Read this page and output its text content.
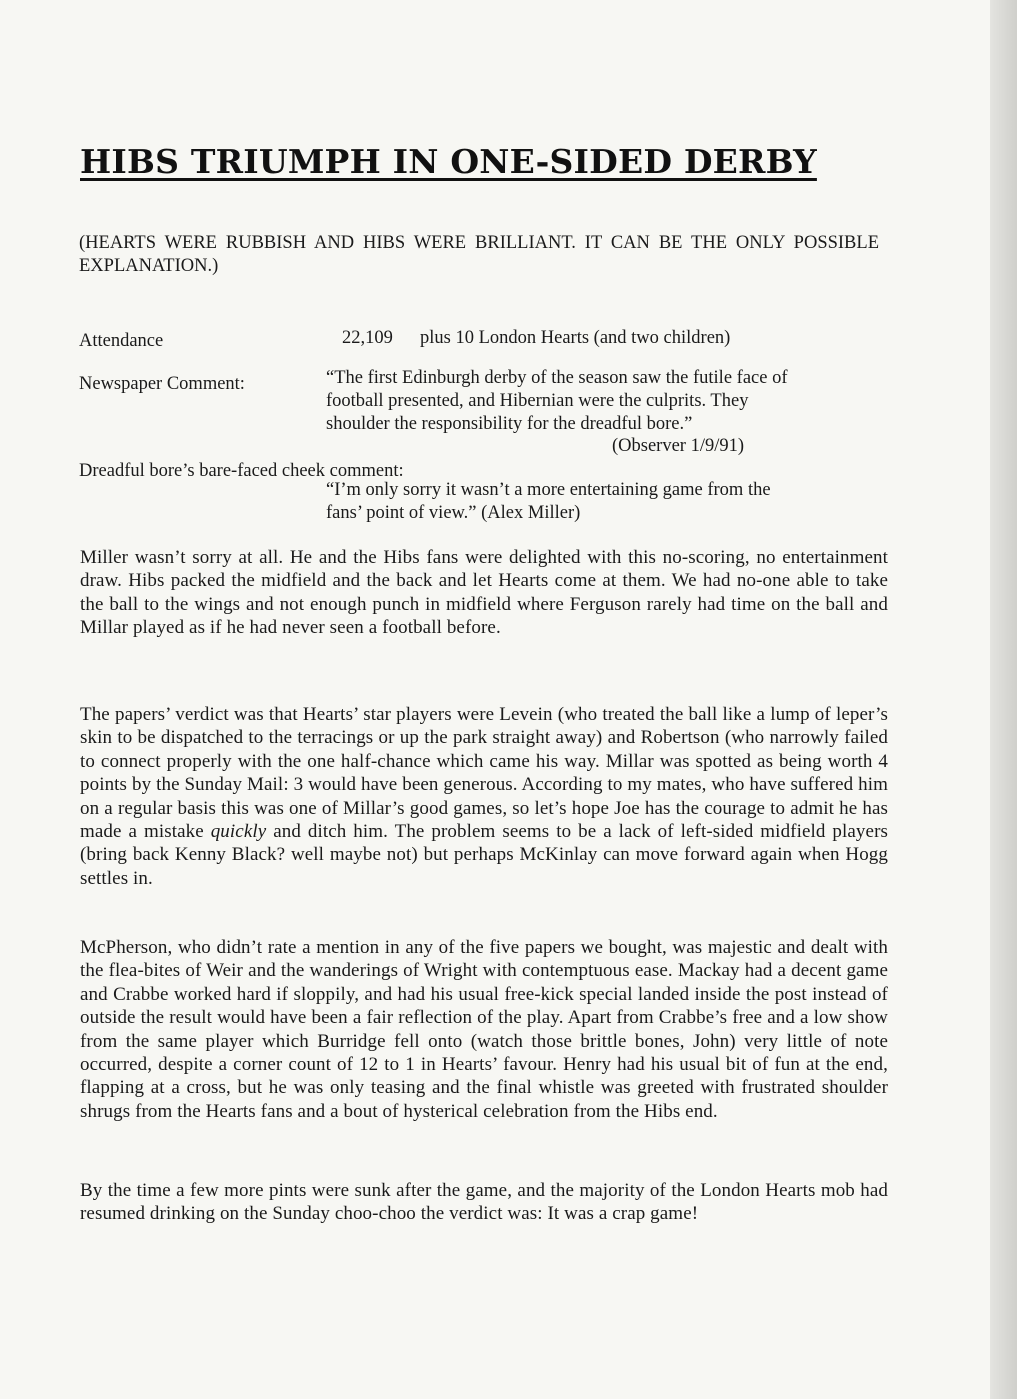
HIBS TRIUMPH IN ONE-SIDED DERBY

(HEARTS WERE RUBBISH AND HIBS WERE BRILLIANT. IT CAN BE THE ONLY POSSIBLE EXPLANATION.)

Attendance	22,109 plus 10 London Hearts (and two children)

Newspaper Comment:	“The first Edinburgh derby of the season saw the futile face of

football presented, and Hibernian were the culprits. They

shoulder the responsibility for the dreadful bore.”

(Observer 1/9/91)

Dreadful bore’s bare-faced cheek comment:

“I’m only sorry it wasn’t a more entertaining game from the

fans’ point of view.” (Alex Miller)

Miller wasn’t sorry at all. He and the Hibs fans were delighted with this no-scoring, no entertainment draw. Hibs packed the midfield and the back and let Hearts come at them. We had no-one able to take the ball to the wings and not enough punch in midfield where Ferguson rarely had time on the ball and Millar played as if he had never seen a football before.

The papers’ verdict was that Hearts’ star players were Levein (who treated the ball like a lump of leper’s skin to be dispatched to the terracings or up the park straight away) and Robertson (who narrowly failed to connect properly with the one half-chance which came his way. Millar was spotted as being worth 4 points by the Sunday Mail: 3 would have been generous. According to my mates, who have suffered him on a regular basis this was one of Millar’s good games, so let’s hope Joe has the courage to admit he has made a mistake quickly and ditch him. The problem seems to be a lack of left-sided midfield players (bring back Kenny Black? well maybe not) but perhaps McKinlay can move forward again when Hogg settles in.

McPherson, who didn’t rate a mention in any of the five papers we bought, was majestic and dealt with the flea-bites of Weir and the wanderings of Wright with contemptuous ease. Mackay had a decent game and Crabbe worked hard if sloppily, and had his usual free-kick special landed inside the post instead of outside the result would have been a fair reflection of the play. Apart from Crabbe’s free and a low show from the same player which Burridge fell onto (watch those brittle bones, John) very little of note occurred, despite a corner count of 12 to 1 in Hearts’ favour. Henry had his usual bit of fun at the end, flapping at a cross, but he was only teasing and the final whistle was greeted with frustrated shoulder shrugs from the Hearts fans and a bout of hysterical celebration from the Hibs end.

By the time a few more pints were sunk after the game, and the majority of the London Hearts mob had resumed drinking on the Sunday choo-choo the verdict was: It was a crap game!
